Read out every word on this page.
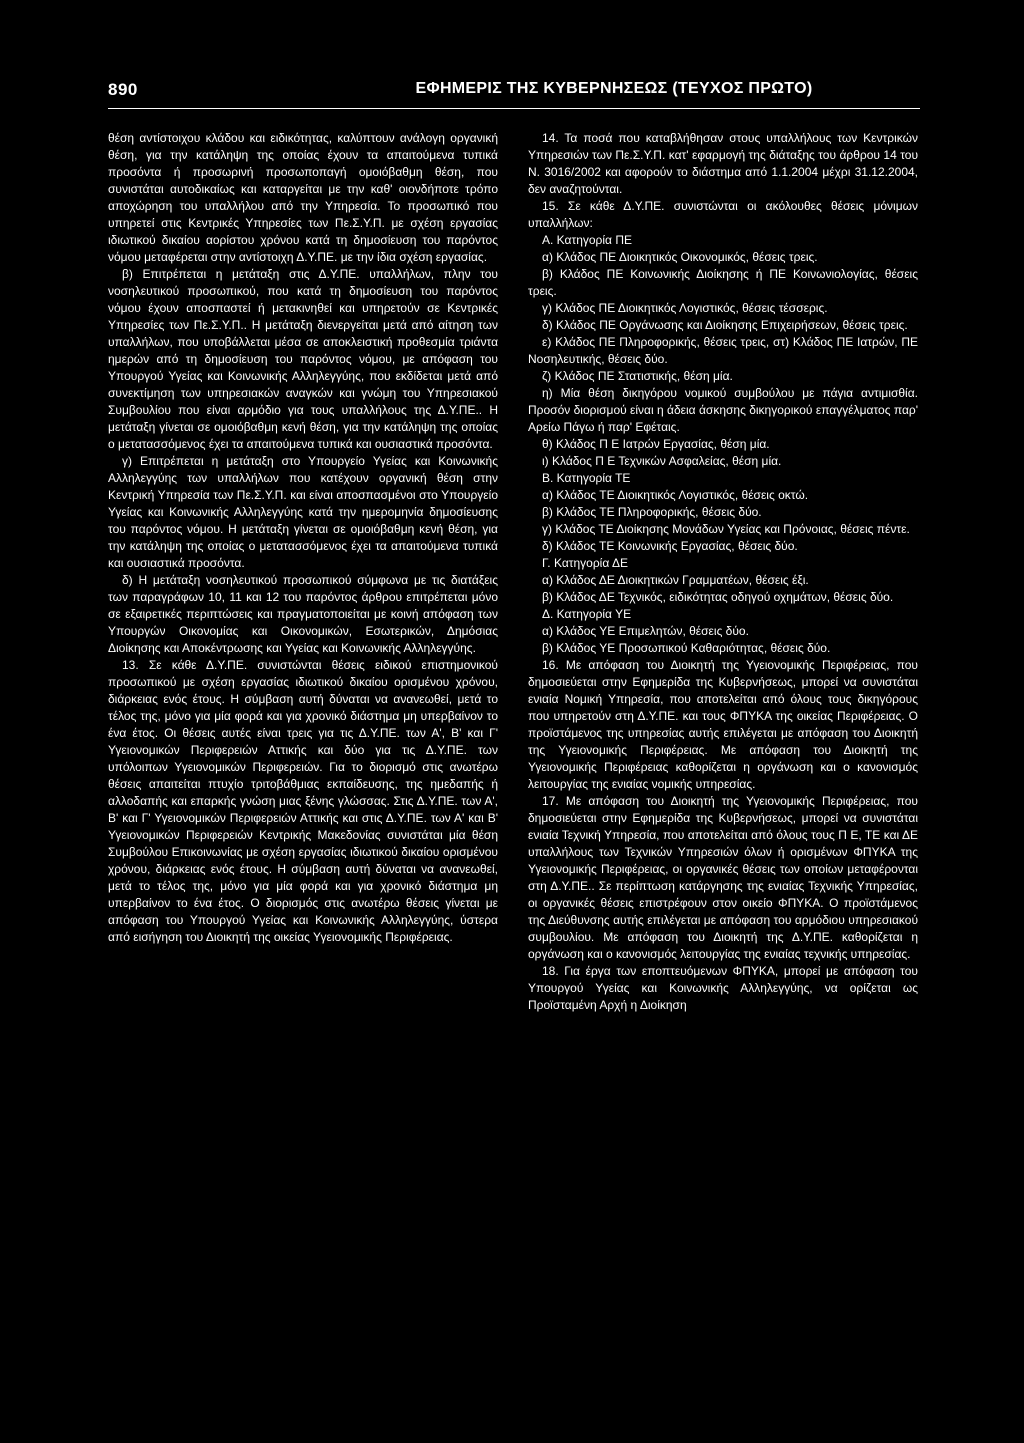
890	ΕΦΗΜΕΡΙΣ ΤΗΣ ΚΥΒΕΡΝΗΣΕΩΣ (ΤΕΥΧΟΣ ΠΡΩΤΟ)

θέση αντίστοιχου κλάδου και ειδικότητας, καλύπτουν ανάλογη οργανική θέση, για την κατάληψη της οποίας έχουν τα απαιτούμενα τυπικά προσόντα ή προσωρινή προσωποπαγή ομοιόβαθμη θέση, που συνιστάται αυτοδικαίως και καταργείται με την καθ' οιονδήποτε τρόπο αποχώρηση του υπαλλήλου από την Υπηρεσία. Το προσωπικό που υπηρετεί στις Κεντρικές Υπηρεσίες των Πε.Σ.Υ.Π. με σχέση εργασίας ιδιωτικού δικαίου αορίστου χρόνου κατά τη δημοσίευση του παρόντος νόμου μεταφέρεται στην αντίστοιχη Δ.Υ.ΠΕ. με την ίδια σχέση εργασίας.

β) Επιτρέπεται η μετάταξη στις Δ.Υ.ΠΕ. υπαλλήλων, πλην του νοσηλευτικού προσωπικού, που κατά τη δημοσίευση του παρόντος νόμου έχουν αποσπαστεί ή μετακινηθεί και υπηρετούν σε Κεντρικές Υπηρεσίες των Πε.Σ.Υ.Π.. Η μετάταξη διενεργείται μετά από αίτηση των υπαλλήλων, που υποβάλλεται μέσα σε αποκλειστική προθεσμία τριάντα ημερών από τη δημοσίευση του παρόντος νόμου, με απόφαση του Υπουργού Υγείας και Κοινωνικής Αλληλεγγύης, που εκδίδεται μετά από συνεκτίμηση των υπηρεσιακών αναγκών και γνώμη του Υπηρεσιακού Συμβουλίου που είναι αρμόδιο για τους υπαλλήλους της Δ.Υ.ΠΕ.. Η μετάταξη γίνεται σε ομοιόβαθμη κενή θέση, για την κατάληψη της οποίας ο μετατασσόμενος έχει τα απαιτούμενα τυπικά και ουσιαστικά προσόντα.

γ) Επιτρέπεται η μετάταξη στο Υπουργείο Υγείας και Κοινωνικής Αλληλεγγύης των υπαλλήλων που κατέχουν οργανική θέση στην Κεντρική Υπηρεσία των Πε.Σ.Υ.Π. και είναι αποσπασμένοι στο Υπουργείο Υγείας και Κοινωνικής Αλληλεγγύης κατά την ημερομηνία δημοσίευσης του παρόντος νόμου. Η μετάταξη γίνεται σε ομοιόβαθμη κενή θέση, για την κατάληψη της οποίας ο μετατασσόμενος έχει τα απαιτούμενα τυπικά και ουσιαστικά προσόντα.

δ) Η μετάταξη νοσηλευτικού προσωπικού σύμφωνα με τις διατάξεις των παραγράφων 10, 11 και 12 του παρόντος άρθρου επιτρέπεται μόνο σε εξαιρετικές περιπτώσεις και πραγματοποιείται με κοινή απόφαση των Υπουργών Οικονομίας και Οικονομικών, Εσωτερικών, Δημόσιας Διοίκησης και Αποκέντρωσης και Υγείας και Κοινωνικής Αλληλεγγύης.

13. Σε κάθε Δ.Υ.ΠΕ. συνιστώνται θέσεις ειδικού επιστημονικού προσωπικού με σχέση εργασίας ιδιωτικού δικαίου ορισμένου χρόνου, διάρκειας ενός έτους. Η σύμβαση αυτή δύναται να ανανεωθεί, μετά το τέλος της, μόνο για μία φορά και για χρονικό διάστημα μη υπερβαίνον το ένα έτος. Οι θέσεις αυτές είναι τρεις για τις Δ.Υ.ΠΕ. των Α', Β' και Γ' Υγειονομικών Περιφερειών Αττικής και δύο για τις Δ.Υ.ΠΕ. των υπόλοιπων Υγειονομικών Περιφερειών. Για το διορισμό στις ανωτέρω θέσεις απαιτείται πτυχίο τριτοβάθμιας εκπαίδευσης, της ημεδαπής ή αλλοδαπής και επαρκής γνώση μιας ξένης γλώσσας. Στις Δ.Υ.ΠΕ. των Α', Β' και Γ' Υγειονομικών Περιφερειών Αττικής και στις Δ.Υ.ΠΕ. των Α' και Β' Υγειονομικών Περιφερειών Κεντρικής Μακεδονίας συνιστάται μία θέση Συμβούλου Επικοινωνίας με σχέση εργασίας ιδιωτικού δικαίου ορισμένου χρόνου, διάρκειας ενός έτους. Η σύμβαση αυτή δύναται να ανανεωθεί, μετά το τέλος της, μόνο για μία φορά και για χρονικό διάστημα μη υπερβαίνον το ένα έτος. Ο διορισμός στις ανωτέρω θέσεις γίνεται με απόφαση του Υπουργού Υγείας και Κοινωνικής Αλληλεγγύης, ύστερα από εισήγηση του Διοικητή της οικείας Υγειονομικής Περιφέρειας.

14. Τα ποσά που καταβλήθησαν στους υπαλλήλους των Κεντρικών Υπηρεσιών των Πε.Σ.Υ.Π. κατ' εφαρμογή της διάταξης του άρθρου 14 του Ν. 3016/2002 και αφορούν το διάστημα από 1.1.2004 μέχρι 31.12.2004, δεν αναζητούνται.

15. Σε κάθε Δ.Υ.ΠΕ. συνιστώνται οι ακόλουθες θέσεις μόνιμων υπαλλήλων:

Α. Κατηγορία ΠΕ

α) Κλάδος ΠΕ Διοικητικός Οικονομικός, θέσεις τρεις.

β) Κλάδος ΠΕ Κοινωνικής Διοίκησης ή ΠΕ Κοινωνιολογίας, θέσεις τρεις.

γ) Κλάδος ΠΕ Διοικητικός Λογιστικός, θέσεις τέσσερις.

δ) Κλάδος ΠΕ Οργάνωσης και Διοίκησης Επιχειρήσεων, θέσεις τρεις.

ε) Κλάδος ΠΕ Πληροφορικής, θέσεις τρεις, στ) Κλάδος ΠΕ Ιατρών, ΠΕ Νοσηλευτικής, θέσεις δύο.

ζ) Κλάδος ΠΕ Στατιστικής, θέση μία.

η) Μία θέση δικηγόρου νομικού συμβούλου με πάγια αντιμισθία. Προσόν διορισμού είναι η άδεια άσκησης δικηγορικού επαγγέλματος παρ' Αρείω Πάγω ή παρ' Εφέταις.

θ) Κλάδος Π Ε Ιατρών Εργασίας, θέση μία.

ι) Κλάδος Π Ε Τεχνικών Ασφαλείας, θέση μία.

Β. Κατηγορία ΤΕ

α) Κλάδος ΤΕ Διοικητικός Λογιστικός, θέσεις οκτώ.

β) Κλάδος ΤΕ Πληροφορικής, θέσεις δύο.

γ) Κλάδος ΤΕ Διοίκησης Μονάδων Υγείας και Πρόνοιας, θέσεις πέντε.

δ) Κλάδος ΤΕ Κοινωνικής Εργασίας, θέσεις δύο.

Γ. Κατηγορία ΔΕ

α) Κλάδος ΔΕ Διοικητικών Γραμματέων, θέσεις έξι.

β) Κλάδος ΔΕ Τεχνικός, ειδικότητας οδηγού οχημάτων, θέσεις δύο.

Δ. Κατηγορία ΥΕ

α) Κλάδος ΥΕ Επιμελητών, θέσεις δύο.

β) Κλάδος ΥΕ Προσωπικού Καθαριότητας, θέσεις δύο.

16. Με απόφαση του Διοικητή της Υγειονομικής Περιφέρειας, που δημοσιεύεται στην Εφημερίδα της Κυβερνήσεως, μπορεί να συνιστάται ενιαία Νομική Υπηρεσία, που αποτελείται από όλους τους δικηγόρους που υπηρετούν στη Δ.Υ.ΠΕ. και τους ΦΠΥΚΑ της οικείας Περιφέρειας. Ο προϊστάμενος της υπηρεσίας αυτής επιλέγεται με απόφαση του Διοικητή της Υγειονομικής Περιφέρειας. Με απόφαση του Διοικητή της Υγειονομικής Περιφέρειας καθορίζεται η οργάνωση και ο κανονισμός λειτουργίας της ενιαίας νομικής υπηρεσίας.

17. Με απόφαση του Διοικητή της Υγειονομικής Περιφέρειας, που δημοσιεύεται στην Εφημερίδα της Κυβερνήσεως, μπορεί να συνιστάται ενιαία Τεχνική Υπηρεσία, που αποτελείται από όλους τους Π Ε, ΤΕ και ΔΕ υπαλλήλους των Τεχνικών Υπηρεσιών όλων ή ορισμένων ΦΠΥΚΑ της Υγειονομικής Περιφέρειας, οι οργανικές θέσεις των οποίων μεταφέρονται στη Δ.Υ.ΠΕ.. Σε περίπτωση κατάργησης της ενιαίας Τεχνικής Υπηρεσίας, οι οργανικές θέσεις επιστρέφουν στον οικείο ΦΠΥΚΑ. Ο προϊστάμενος της Διεύθυνσης αυτής επιλέγεται με απόφαση του αρμόδιου υπηρεσιακού συμβουλίου. Με απόφαση του Διοικητή της Δ.Υ.ΠΕ. καθορίζεται η οργάνωση και ο κανονισμός λειτουργίας της ενιαίας τεχνικής υπηρεσίας.

18. Για έργα των εποπτευόμενων ΦΠΥΚΑ, μπορεί με απόφαση του Υπουργού Υγείας και Κοινωνικής Αλληλεγγύης, να ορίζεται ως Προϊσταμένη Αρχή η Διοίκηση
